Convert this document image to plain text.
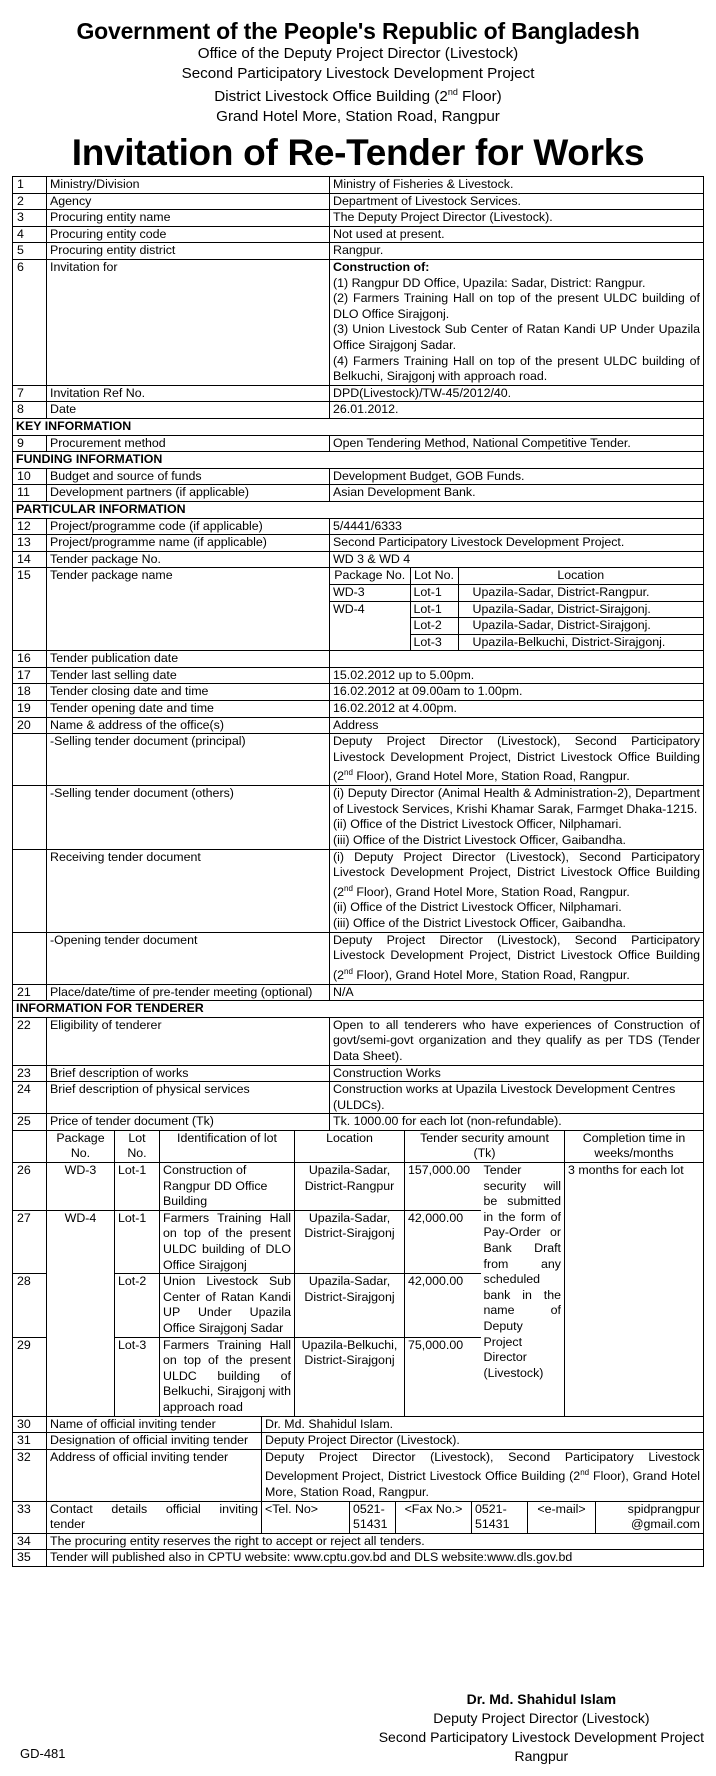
Government of the People's Republic of Bangladesh
Office of the Deputy Project Director (Livestock)
Second Participatory Livestock Development Project
District Livestock Office Building (2nd Floor)
Grand Hotel More, Station Road, Rangpur
Invitation of Re-Tender for Works
1	Ministry/Division	Ministry of Fisheries & Livestock.
2	Agency	Department of Livestock Services.
3	Procuring entity name	The Deputy Project Director (Livestock).
4	Procuring entity code	Not used at present.
5	Procuring entity district	Rangpur.
6	Invitation for	Construction of:
(1) Rangpur DD Office, Upazila: Sadar, District: Rangpur.
(2) Farmers Training Hall on top of the present ULDC building of DLO Office Sirajgonj.
(3) Union Livestock Sub Center of Ratan Kandi UP Under Upazila Office Sirajgonj Sadar.
(4) Farmers Training Hall on top of the present ULDC building of Belkuchi, Sirajgonj with approach road.

7	Invitation Ref No.	DPD(Livestock)/TW-45/2012/40.
8	Date	26.01.2012.
KEY INFORMATION
9	Procurement method	Open Tendering Method, National Competitive Tender.
FUNDING INFORMATION
10	Budget and source of funds	Development Budget, GOB Funds.
11	Development partners (if applicable)	Asian Development Bank.
PARTICULAR INFORMATION
12	Project/programme code (if applicable)	5/4441/6333
13	Project/programme name (if applicable)	Second Participatory Livestock Development Project.
14	Tender package No.	WD 3 & WD 4
15	Tender package name		Package No.	Lot No.	Location
WD-3	Lot-1	Upazila-Sadar, District-Rangpur.
WD-4	Lot-1	Upazila-Sadar, District-Sirajgonj.
	Lot-2	Upazila-Sadar, District-Sirajgonj.
	Lot-3	Upazila-Belkuchi, District-Sirajgonj.

16	Tender publication date	
17	Tender last selling date	15.02.2012 up to 5.00pm.
18	Tender closing date and time	16.02.2012 at 09.00am to 1.00pm.
19	Tender opening date and time	16.02.2012 at 4.00pm.
20	Name & address of the office(s)	Address
	-Selling tender document (principal)	Deputy Project Director (Livestock), Second Participatory Livestock Development Project, District Livestock Office Building (2nd Floor), Grand Hotel More, Station Road, Rangpur.
	-Selling tender document (others)	(i) Deputy Director (Animal Health & Administration-2), Department of Livestock Services, Krishi Khamar Sarak, Farmget Dhaka-1215.
(ii) Office of the District Livestock Officer, Nilphamari.
(iii) Office of the District Livestock Officer, Gaibandha.

	Receiving tender document	(i) Deputy Project Director (Livestock), Second Participatory Livestock Development Project, District Livestock Office Building (2nd Floor), Grand Hotel More, Station Road, Rangpur.
(ii) Office of the District Livestock Officer, Nilphamari.
(iii) Office of the District Livestock Officer, Gaibandha.

	-Opening tender document	Deputy Project Director (Livestock), Second Participatory Livestock Development Project, District Livestock Office Building (2nd Floor), Grand Hotel More, Station Road, Rangpur.
21	Place/date/time of pre-tender meeting (optional)	N/A
INFORMATION FOR TENDERER
22	Eligibility of tenderer	Open to all tenderers who have experiences of Construction of govt/semi-govt organization and they qualify as per TDS (Tender Data Sheet).
23	Brief description of works	Construction Works
24	Brief description of physical services	Construction works at Upazila Livestock Development Centres (ULDCs).
25	Price of tender document (Tk)	Tk. 1000.00 for each lot (non-refundable).
	Package No.	Lot No.	Identification of lot	Location	Tender security amount (Tk)		Completion time in weeks/months
26	WD-3	Lot-1	Construction of Rangpur DD Office Building	Upazila-Sadar, District-Rangpur	157,000.00	Tender security will be submitted in the form of Pay-Order or Bank Draft from any scheduled bank in the name of Deputy Project Director (Livestock)	3 months for each lot
27	WD-4	Lot-1	Farmers Training Hall on top of the present ULDC building of DLO Office Sirajgonj	Upazila-Sadar, District-Sirajgonj	42,000.00		
28		Lot-2	Union Livestock Sub Center of Ratan Kandi UP Under Upazila Office Sirajgonj Sadar	Upazila-Sadar, District-Sirajgonj	42,000.00		
29		Lot-3	Farmers Training Hall on top of the present ULDC building of Belkuchi, Sirajgonj with approach road	Upazila-Belkuchi, District-Sirajgonj	75,000.00		
30	Name of official inviting tender	Dr. Md. Shahidul Islam.					
31	Designation of official inviting tender	Deputy Project Director (Livestock).					
32	Address of official inviting tender	Deputy Project Director (Livestock), Second Participatory Livestock Development Project, District Livestock Office Building (2nd Floor), Grand Hotel More, Station Road, Rangpur.					
33	Contact details official inviting tender	<Tel. No>	0521-51431	<Fax No.>	0521-51431	<e-mail>	spidprangpur @gmail.com
34	The procuring entity reserves the right to accept or reject all tenders.						
35	Tender will published also in CPTU website: www.cptu.gov.bd and DLS website:www.dls.gov.bd						
Dr. Md. Shahidul Islam
Deputy Project Director (Livestock)
Second Participatory Livestock Development Project
Rangpur
GD-481
